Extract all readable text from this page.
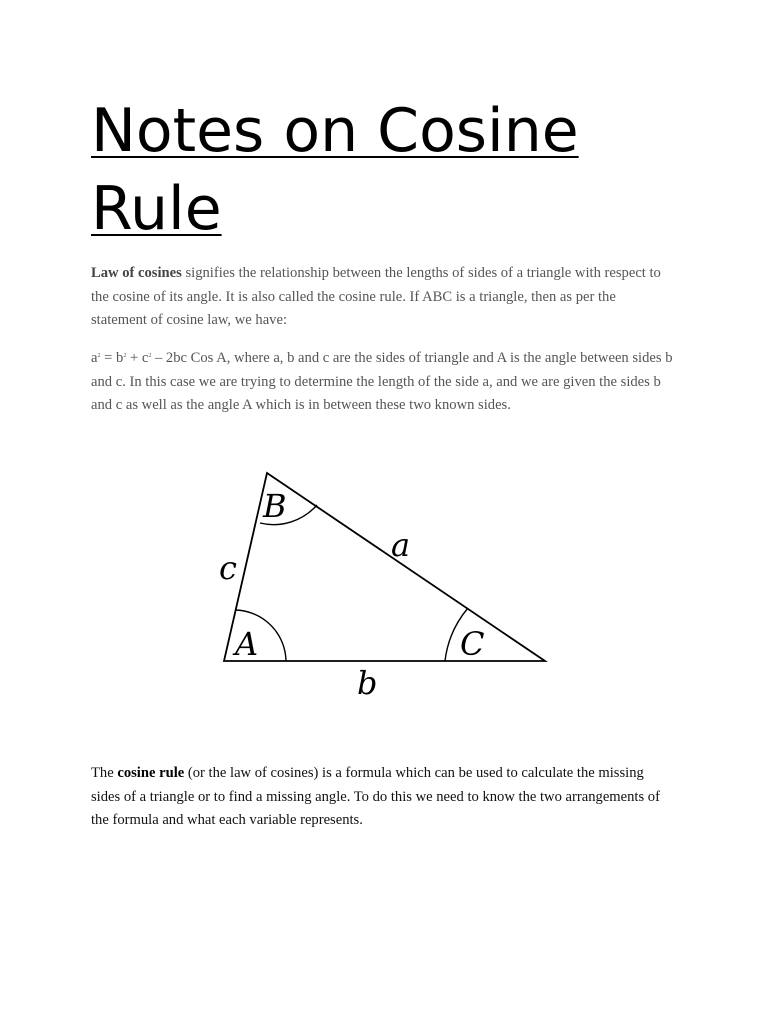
Notes on Cosine Rule

Law of cosines signifies the relationship between the lengths of sides of a triangle with respect to the cosine of its angle. It is also called the cosine rule. If ABC is a triangle, then as per the statement of cosine law, we have:

$a^2 = b^2 + c^2 - 2bc$ Cos A, where a, b and c are the sides of triangle and A is the angle between sides b and c. In this case we are trying to determine the length of the side a, and we are given the sides b and c as well as the angle A which is in between these two known sides.

B
A	C
a
c
b

The cosine rule (or the law of cosines) is a formula which can be used to calculate the missing sides of a triangle or to find a missing angle. To do this we need to know the two arrangements of the formula and what each variable represents.
